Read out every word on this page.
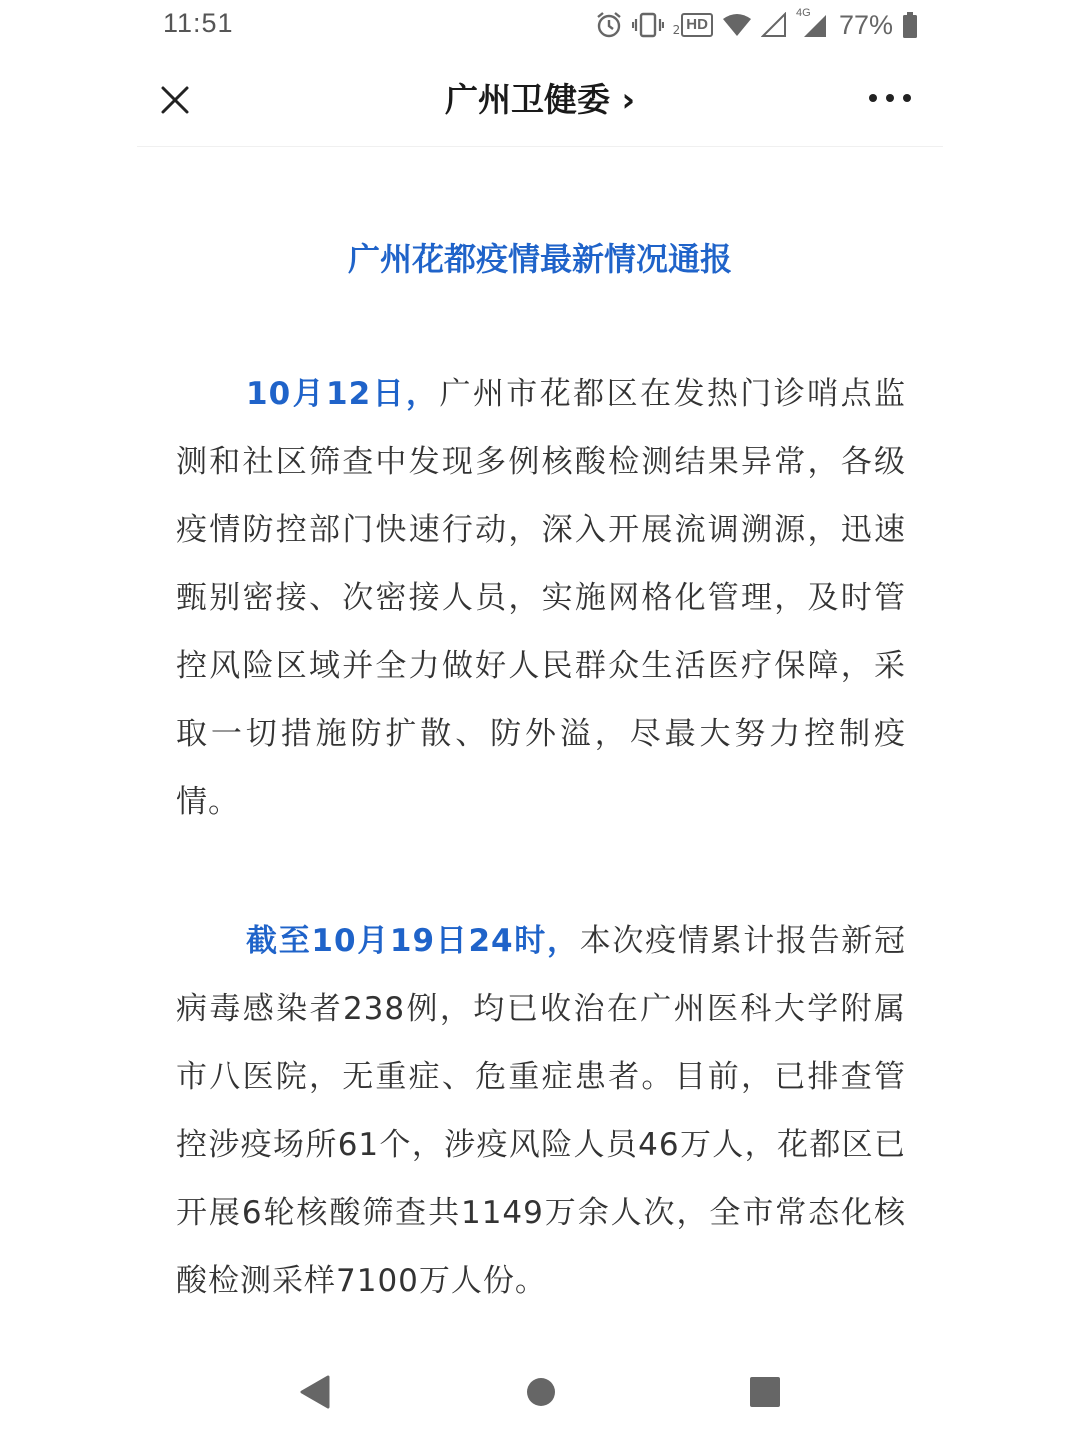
11:51	2 HD
4G 77%
广州卫健委 ›
广州花都疫情最新情况通报

10月12日，广州市花都区在发热门诊哨点监测和社区筛查中发现多例核酸检测结果异常，各级疫情防控部门快速行动，深入开展流调溯源，迅速甄别密接、次密接人员，实施网格化管理，及时管控风险区域并全力做好人民群众生活医疗保障，采取一切措施防扩散、防外溢，尽最大努力控制疫情。

截至10月19日24时，本次疫情累计报告新冠病毒感染者238例，均已收治在广州医科大学附属市八医院，无重症、危重症患者。目前，已排查管控涉疫场所61个，涉疫风险人员46万人，花都区已开展6轮核酸筛查共1149万余人次，全市常态化核酸检测采样7100万人份。
